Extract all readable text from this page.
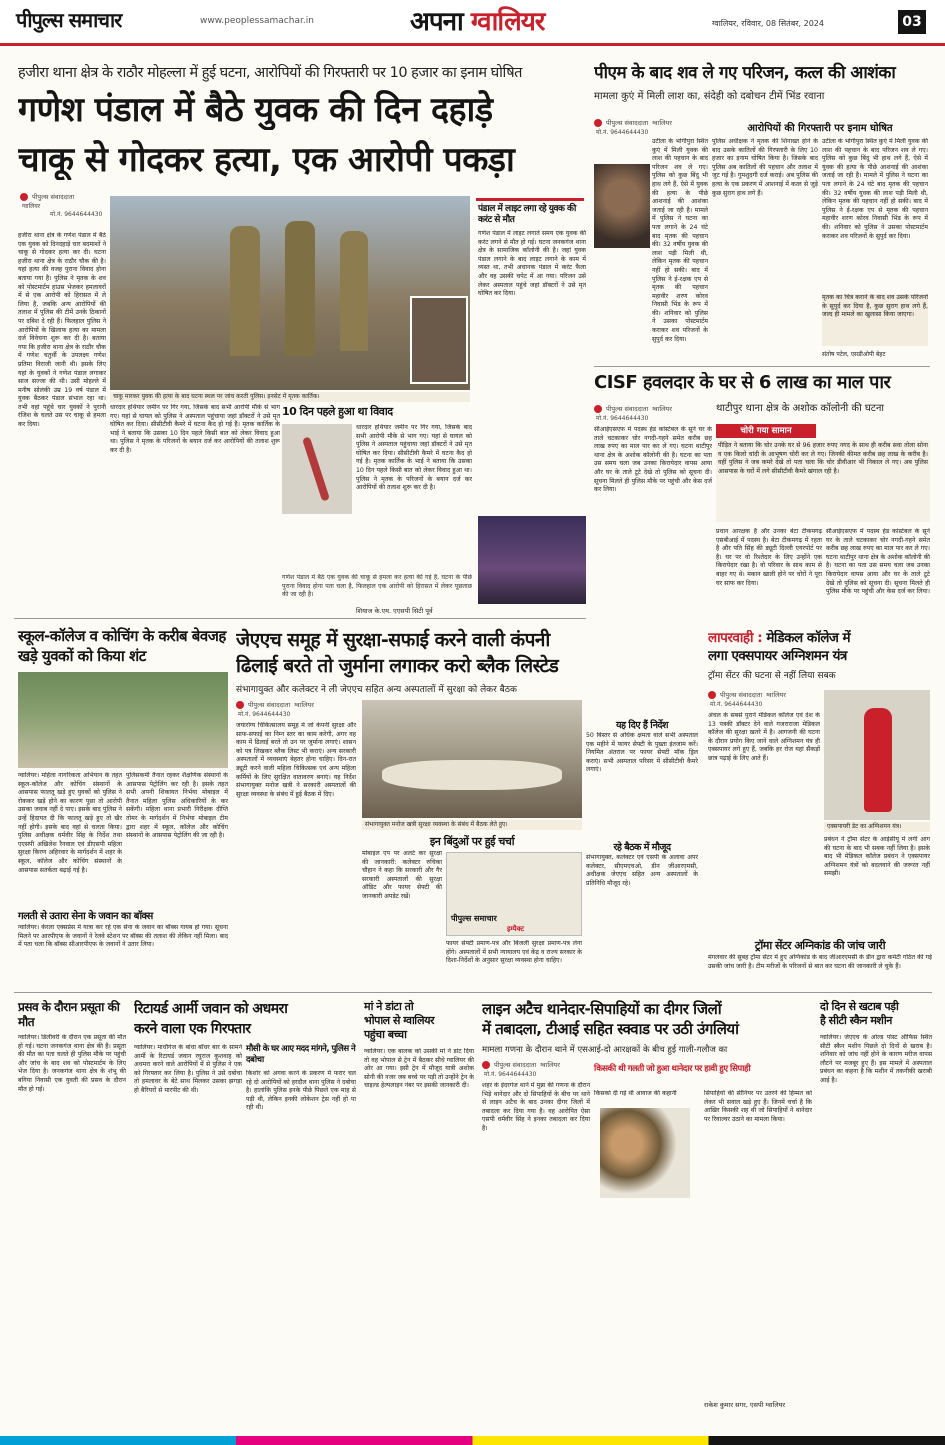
पीपुल्स समाचार	www.peoplessamachar.in	अपना ग्वालियर	ग्वालियर, रविवार, 08 सितंबर, 2024	03
हजीरा थाना क्षेत्र के राठौर मोहल्ला में हुई घटना, आरोपियों की गिरफ्तारी पर 10 हजार का इनाम घोषित
गणेश पंडाल में बैठे युवक की दिन दहाड़े
चाकू से गोदकर हत्या, एक आरोपी पकड़ा
पीपुल्स संवाददाता
ग्वालियर
मो.नं. 9644644430
हजीरा थाना क्षेत्र के गणेश पंडाल में बैठे एक युवक को दिनदहाड़े चार बदमाशों ने चाकू से गोदकर हत्या कर दी। घटना हजीरा थाना क्षेत्र के राठौर चौक की है। यहां हत्या की वजह पुराना विवाद होना बताया गया है। पुलिस ने मृतक के शव को पोस्टमार्टम हाउस भेजकर हमलावरों में से एक आरोपी को हिरासत में ले लिया है, जबकि अन्य आरोपियों की तलाश में पुलिस की टीमें उनके ठिकानों पर दबिश दे रही हैं। फिलहाल पुलिस ने आरोपियों के खिलाफ हत्या का मामला दर्ज विवेचना शुरू कर दी है। बताया गया कि हजीरा थाना क्षेत्र के राठौर चौक में गणेश चतुर्थी के उपलक्ष्य गणेश प्रतिमा विराजी जानी थी। इसके लिए यहां के युवकों ने गणेश पंडाल लगाकर साज सज्जा की थी। उसी मोहल्ले में मनीष सोलंकी उम्र 19 वर्ष पंडाल में युवक बैठकर पंडाल संभाल रहा था। तभी वहां पहुंचे चार युवकों ने पुरानी रंजिश के चलते उस पर चाकू से हमला कर दिया।
चाकू मारकर युवक की हत्या के बाद घटना स्थल पर जांच करती पुलिस। इनसेट में मृतक कार्तिक।
10 दिन पहले हुआ था विवाद
धारदार हथियार जमीन पर गिर गया, जिसके बाद सभी आरोपी मौके से भाग गए। यहां से घायल को पुलिस ने अस्पताल पहुंचाया जहां डॉक्टरों ने उसे मृत घोषित कर दिया। सीसीटीवी कैमरे में घटना कैद हो गई है। मृतक कार्तिक के भाई ने बताया कि उसका 10 दिन पहले किसी बात को लेकर विवाद हुआ था। पुलिस ने मृतक के परिजनों के बयान दर्ज कर आरोपियों की तलाश शुरू कर दी है।
धारदार हथियार जमीन पर गिर गया, जिसके बाद सभी आरोपी मौके से भाग गए। यहां से घायल को पुलिस ने अस्पताल पहुंचाया जहां डॉक्टरों ने उसे मृत घोषित कर दिया। सीसीटीवी कैमरे में घटना कैद हो गई है। मृतक कार्तिक के भाई ने बताया कि उसका 10 दिन पहले किसी बात को लेकर विवाद हुआ था। पुलिस ने मृतक के परिजनों के बयान दर्ज कर आरोपियों की तलाश शुरू कर दी है।
गणेश पंडाल में बैठे एक युवक की चाकू से हमला कर हत्या की गई है, घटना के पीछे पुराना विवाद होना पता चला है, फिलहाल एक आरोपी को हिरासत में लेकर पूछताछ की जा रही है।
शियाज के.एम. एएसपी सिटी पूर्व
पंडाल में लाइट लगा रहे युवक की करंट से मौत
गणेश पंडाल में लाइट लगाते समय एक युवक की करंट लगने से मौत हो गई। घटना जनकगंज थाना क्षेत्र के सामाजिक कॉलोनी की है। जहां युवक पंडाल लगाने के बाद लाइट लगाने के काम में व्यस्त था, तभी अचानक पंडाल में करंट फैला और वह उसकी चपेट में आ गया। परिजन उसे लेकर अस्पताल पहुंचे जहां डॉक्टरों ने उसे मृत घोषित कर दिया।
पीएम के बाद शव ले गए परिजन, कत्ल की आशंका
मामला कुएं में मिली लाश का, संदेही को दबोचन टीमें भिंड रवाना
पीपुल्स संवाददाता ग्वालियर
मो.नं. 9644644430	आरोपियों की गिरफ्तारी पर इनाम घोषित
उटीला के भोगीपुरा स्थित कुएं में मिली युवक की लाश की पहचान के बाद परिजन शव ले गए। पुलिस को कुछ बिंदु भी हाथ लगे हैं, ऐसे में युवक की हत्या के पीछे आशनाई की आशंका जताई जा रही है। मामले में पुलिस ने घटना का पता लगाने के 24 घंटे बाद मृतक की पहचान की। 32 वर्षीय युवक की लाश पड़ी मिली थी, लेकिन मृतक की पहचान नहीं हो सकी। बाद में पुलिस ने ई-रक्षक एप से मृतक की पहचान महावीर शरण कोरव निवासी भिंड के रूप में की। शनिवार को पुलिस ने उसका पोस्टमार्टम कराकर शव परिजनों के सुपुर्द कर दिया।
पुलिस अधीक्षक ने मृतक की शिनाख्त होने के बाद उसके कातिलों की गिरफ्तारी के लिए 10 हजार का इनाम घोषित किया है। जिसके बाद पुलिस अब कातिलों की पहचान और तलाश में जुट गई है। गुमशुदगी दर्ज कराई। अब पुलिस की हत्या के एक प्रकरण में आशनाई में कत्ल से जुड़े कुछ सुराग हाथ लगे हैं।
उटीला के भोगीपुरा स्थित कुएं में मिली युवक की लाश की पहचान के बाद परिजन शव ले गए। पुलिस को कुछ बिंदु भी हाथ लगे हैं, ऐसे में युवक की हत्या के पीछे आशनाई की आशंका जताई जा रही है। मामले में पुलिस ने घटना का पता लगाने के 24 घंटे बाद मृतक की पहचान की। 32 वर्षीय युवक की लाश पड़ी मिली थी, लेकिन मृतक की पहचान नहीं हो सकी। बाद में पुलिस ने ई-रक्षक एप से मृतक की पहचान महावीर शरण कोरव निवासी भिंड के रूप में की। शनिवार को पुलिस ने उसका पोस्टमार्टम कराकर शव परिजनों के सुपुर्द कर दिया।
मृतक का चित्र कराने के बाद शव उसके परिजनों के सुपुर्द कर दिया है, कुछ सुराग हाथ लगे हैं, जल्द ही मामले का खुलासा किया जाएगा।
संतोष पटेल, एसडीओपी बेहट
CISF हवलदार के घर से 6 लाख का माल पार
थाटीपुर थाना क्षेत्र के अशोक कॉलोनी की घटना
पीपुल्स संवाददाता ग्वालियर
मो.नं. 9644644430
चोरी गया सामान
सीआईएसएफ में पदस्थ हेड कांस्टेबल के सूने घर के ताले चटकाकर चोर नगदी-गहने समेत करीब छह लाख रुपए का माल पार कर ले गए। घटना थाटीपुर थाना क्षेत्र के अशोक कॉलोनी की है। घटना का पता उस समय चला जब उनका किरायेदार वापस आया और घर के ताले टूटे देखे तो पुलिस को सूचना दी। सूचना मिलते ही पुलिस मौके पर पहुंची और केस दर्ज कर लिया।
पीड़ित ने बताया कि चोर उनके घर से 96 हजार रुपए नगद के साथ ही करीब सवा तोला सोना व एक किलो चांदी के आभूषण चोरी कर ले गए। जिनकी कीमत करीब छह लाख के करीब है। वहीं पुलिस ने जब कमरे देखे तो पता चला कि चोर डीवीआर भी निकाल ले गए। अब पुलिस आसपास के घरों में लगे सीसीटीवी कैमरे खंगाल रही है।
प्रधान आरक्षक है और उनका बेटा टीकमगढ़ एसबीआई में पदस्थ है। बेटा टीकमगढ़ में रहता है और पति सिंह की ड्यूटी दिल्ली एयरपोर्ट पर है। घर पर वो रिश्तेदार के लिए उन्होंने एक किरायेदार रखा है। वो परिवार के साथ काम से बाहर गए थे। मकान खाली होने पर चोरों ने पूरा घर साफ कर दिया।
सीआईएसएफ में पदस्थ हेड कांस्टेबल के सूने घर के ताले चटकाकर चोर नगदी-गहने समेत करीब छह लाख रुपए का माल पार कर ले गए। घटना थाटीपुर थाना क्षेत्र के अशोक कॉलोनी की है। घटना का पता उस समय चला जब उनका किरायेदार वापस आया और घर के ताले टूटे देखे तो पुलिस को सूचना दी। सूचना मिलते ही पुलिस मौके पर पहुंची और केस दर्ज कर लिया।
स्कूल-कॉलेज व कोचिंग के करीब बेवजह खड़े युवकों को किया शंट
ग्वालियर। महिला नागरिकता अभियान के तहत स्कूल-कॉलेज और कोचिंग संस्थानों के आसपास फालतू खड़े हुए युवकों को पुलिस ने रोककर खड़े होने का कारण पूछा तो आरोपी उसका जवाब नहीं दे पाए। इसके बाद पुलिस ने उन्हें हिदायत दी कि फालतू खड़े हुए तो खैर नहीं होगी। इसके बाद वहां से चलता किया। पुलिस अधीक्षक धर्मवीर सिंह के निर्देश तथा एएसपी अखिलेश रैनवाल एवं डीएसपी महिला सुरक्षा किरण अहिरवार के मार्गदर्शन में शहर के स्कूल, कॉलेज और कोचिंग संस्थानों के आसपास सतर्कता बढ़ाई गई है।
पुलिसकर्मी तैनात रहकर शैक्षणिक संस्थानों के आसपास पेट्रोलिंग कर रही है। इसके तहत सभी अपनी शिकायत निर्भया मोबाइल में तैनात महिला पुलिस अधिकारियों के कर सकेंगी। महिला थाना प्रभारी निरीक्षक दीप्ति तोमर के मार्गदर्शन में निर्भया मोबाइल टीम द्वारा शहर में स्कूल, कॉलेज और कोचिंग संस्थानों के आसपास पेट्रोलिंग की जा रही है।
गलती से उतारा सेना के जवान का बॉक्स
ग्वालियर। केरला एक्सप्रेस में यात्रा कर रहे एक सेना के जवान का बॉक्स गायब हो गया। सूचना मिलने पर आरपीएफ के जवानों ने रेलवे स्टेशन पर बॉक्स की तलाश की लेकिन नहीं मिला। बाद में पता चला कि बॉक्स सीआरपीएफ के जवानों ने उतार लिया।
जेएएच समूह में सुरक्षा-सफाई करने वाली कंपनी
ढिलाई बरते तो जुर्माना लगाकर करो ब्लैक लिस्टेड
संभागायुक्त और कलेक्टर ने ली जेएएच सहित अन्य अस्पतालों में सुरक्षा को लेकर बैठक
पीपुल्स संवाददाता ग्वालियर
मो.नं. 9644644430
जयारोग्य चिकित्सालय समूह में जो कंपनी सुरक्षा और साफ-सफाई का निम्न स्तर का काम करेगी, अगर वह काम में ढिलाई बरते तो उन पर जुर्माना लगाएं। शासन को पत्र लिखकर ब्लैक लिस्ट भी कराएं। अन्य सरकारी अस्पतालों में व्यवस्थाएं बेहतर होना चाहिए। दिन-रात ड्यूटी करने वाली महिला चिकित्सक एवं अन्य महिला कर्मियों के लिए सुरक्षित वातावरण बनाएं। यह निर्देश संभागायुक्त मनोज खत्री ने सरकारी अस्पतालों की सुरक्षा व्यवस्था के संबंध में हुई बैठक में दिए।
संभागायुक्त मनोज खत्री सुरक्षा व्यवस्था के संबंध में बैठक लेते हुए।
इन बिंदुओं पर हुई चर्चा
मोबाइल एप पर अलर्ट कर सुरक्षा की जानकारी: कलेक्टर रुचिका चौहान ने कहा कि सरकारी और गैर सरकारी अस्पतालों की सुरक्षा ऑडिट और फायर सेफ्टी की जानकारी अपडेट रखें।
पीपुल्स समाचार
इम्पैक्ट
फायर सेफ्टी प्रमाण-पत्र और बिजली सुरक्षा प्रमाण-पत्र लेना होंगे। अस्पतालों में सभी न्यायालय एवं केंद्र व राज्य सरकार के दिशा-निर्देशों के अनुसार सुरक्षा व्यवस्था होना चाहिए।
यह दिए हैं निर्देश
50 बिस्तर से अधिक क्षमता वाले सभी अस्पताल एक महीने में फायर सेफ्टी के पुख्ता इंतजाम करें। नियमित अंतराल पर फायर सेफ्टी मॉक ड्रिल कराएं। सभी अस्पताल परिसर में सीसीटीवी कैमरे लगाएं।
रहे बैठक में मौजूद
संभागायुक्त, कलेक्टर एवं एसपी के अलावा अपर कलेक्टर, सीएमएचओ, डीन जीआरएमसी, अधीक्षक जेएएच सहित अन्य अस्पतालों के प्रतिनिधि मौजूद रहे।
लापरवाही : मेडिकल कॉलेज में
लगा एक्सपायर अग्निशमन यंत्र
ट्रॉमा सेंटर की घटना से नहीं लिया सबक
पीपुल्स संवाददाता ग्वालियर
मो.नं. 9644644430
अंचल के सबसे पुराने मेडिकल कॉलेज एवं देश के 13 पत्रकी डॉक्टर देने वाले गजराराजा मेडिकल कॉलेज की सुरक्षा खतरे में है। आगजनी की घटना के दौरान प्रयोग किए जाने वाले अग्निशमन यंत्र ही एक्सपायर लगे हुए हैं, जबकि हर रोज यहां सैकड़ों छात्र पढ़ाई के लिए आते हैं।
एक्सपायरी डेट का अग्निशमन यंत्र।
प्रबंधन ने ट्रॉमा सेंटर के आईसीयू में लगी आग की घटना के बाद भी सबक नहीं लिया है। इसके बाद भी मेडिकल कॉलेज प्रबंधन ने एक्सपायर अग्निशमन यंत्रों को बदलवाने की जरूरत नहीं समझी।
ट्रॉमा सेंटर अग्निकांड की जांच जारी
मंगलवार की सुबह ट्रॉमा सेंटर में हुए अग्निकांड के बाद जीआरएमसी के डीन द्वारा कमेटी गठित की गई उसकी जांच जारी है। टीम मरीजों के परिजनों से बात कर घटना की जानकारी ले चुके हैं।
प्रसव के दौरान प्रसूता की मौत
ग्वालियर। डिलीवरी के दौरान एक प्रसूता की मौत हो गई। घटना जनकगंज थाना क्षेत्र की है। प्रसूता की मौत का पता चलते ही पुलिस मौके पर पहुंची और जांच के बाद शव को पोस्टमार्टम के लिए भेज दिया है। जनकगंज थाना क्षेत्र के शंभू की बगिया निवासी एक युवती की प्रसव के दौरान मौत हो गई।
रिटायर्ड आर्मी जवान को अधमरा
करने वाला एक गिरफ्तार
ग्वालियर। माधौगंज के बांधा बाँधर बार के सामने आर्मी के रिटायर्ड जवान रघुराज कुशवाह को अधमरा करने वाले आरोपियों में से पुलिस ने एक को गिरफ्तार कर लिया है। पुलिस ने उसे दबोचा तो हमलावर के बेटे साथ मिलकर उसका झगड़ा हो बैरियरों से मारपीट की थी।
मौसी के घर आए मदद मांगने, पुलिस ने दबोचा
किशोर को अगवा करने के प्रकरण में फरार चल रहे दो आरोपियों को हरदौल थाना पुलिस ने दबोचा है। हालांकि पुलिस इनके पीछे पिछले एक माह से पड़ी थी, लेकिन इनकी लोकेशन ट्रेस नहीं हो पा रही थी।
मां ने डांटा तो
भोपाल से ग्वालियर
पहुंचा बच्चा
ग्वालियर। एक बालक को उसकी मां ने डांट दिया तो वह भोपाल से ट्रेन में बैठकर सीधे ग्वालियर की ओर आ गया। इसी ट्रेन में मौजूद यात्री अशोक सोनी की नजर जब बच्चे पर पड़ी तो उन्होंने ट्रेन के चाइल्ड हेल्पलाइन नंबर पर इसकी जानकारी दी।
लाइन अटैच थानेदार-सिपाहियों का दीगर जिलों
में तबादला, टीआई सहित स्क्वाड पर उठी उंगलियां
मामला गणना के दौरान थाने में एसआई-दो आरक्षकों के बीच हुई गाली-गलौज का
पीपुल्स संवाददाता ग्वालियर
मो.नं. 9644644430
शहर के इंदरगंज थाने में मुन्ना की गणना के दौरान भिड़े थानेदार और दो सिपाहियों के बीच पर थाने से लाइन अटैच के बाद उनका दीगर जिलों में तबादला कर दिया गया है। वह आरोपित ऐसा एसपी धर्मवीर सिंह ने इनका तबादला कर दिया है।
किसकी थी गलती जो हुआ थानेदार पर हावी हुए सिपाही
किसको दी गई थी आवाज की कहानी	सिपाहियों की सीनियर पर उतरने की हिम्मत को लेकर भी सवाल खड़े हुए हैं। जिनमें चर्चा है कि आखिर किसकी शह थी जो सिपाहियों ने थानेदार पर रिवाल्वर उठाने का मामला किया।
राकेश कुमार सगर, एसपी ग्वालियर
दो दिन से खटाब पड़ी
है सीटी स्कैन मशीन
ग्वालियर। जेएएच के ओल्ड पोस्ट ऑफिस स्थित सीटी स्कैन मशीन पिछले दो दिनों से खराब है। शनिवार को जांच नहीं होने के कारण मरीज वापस लौटने पर मजबूर हुए हैं। इस मामले में अस्पताल प्रबंधन का कहना है कि मशीन में तकनीकी खराबी आई है।
